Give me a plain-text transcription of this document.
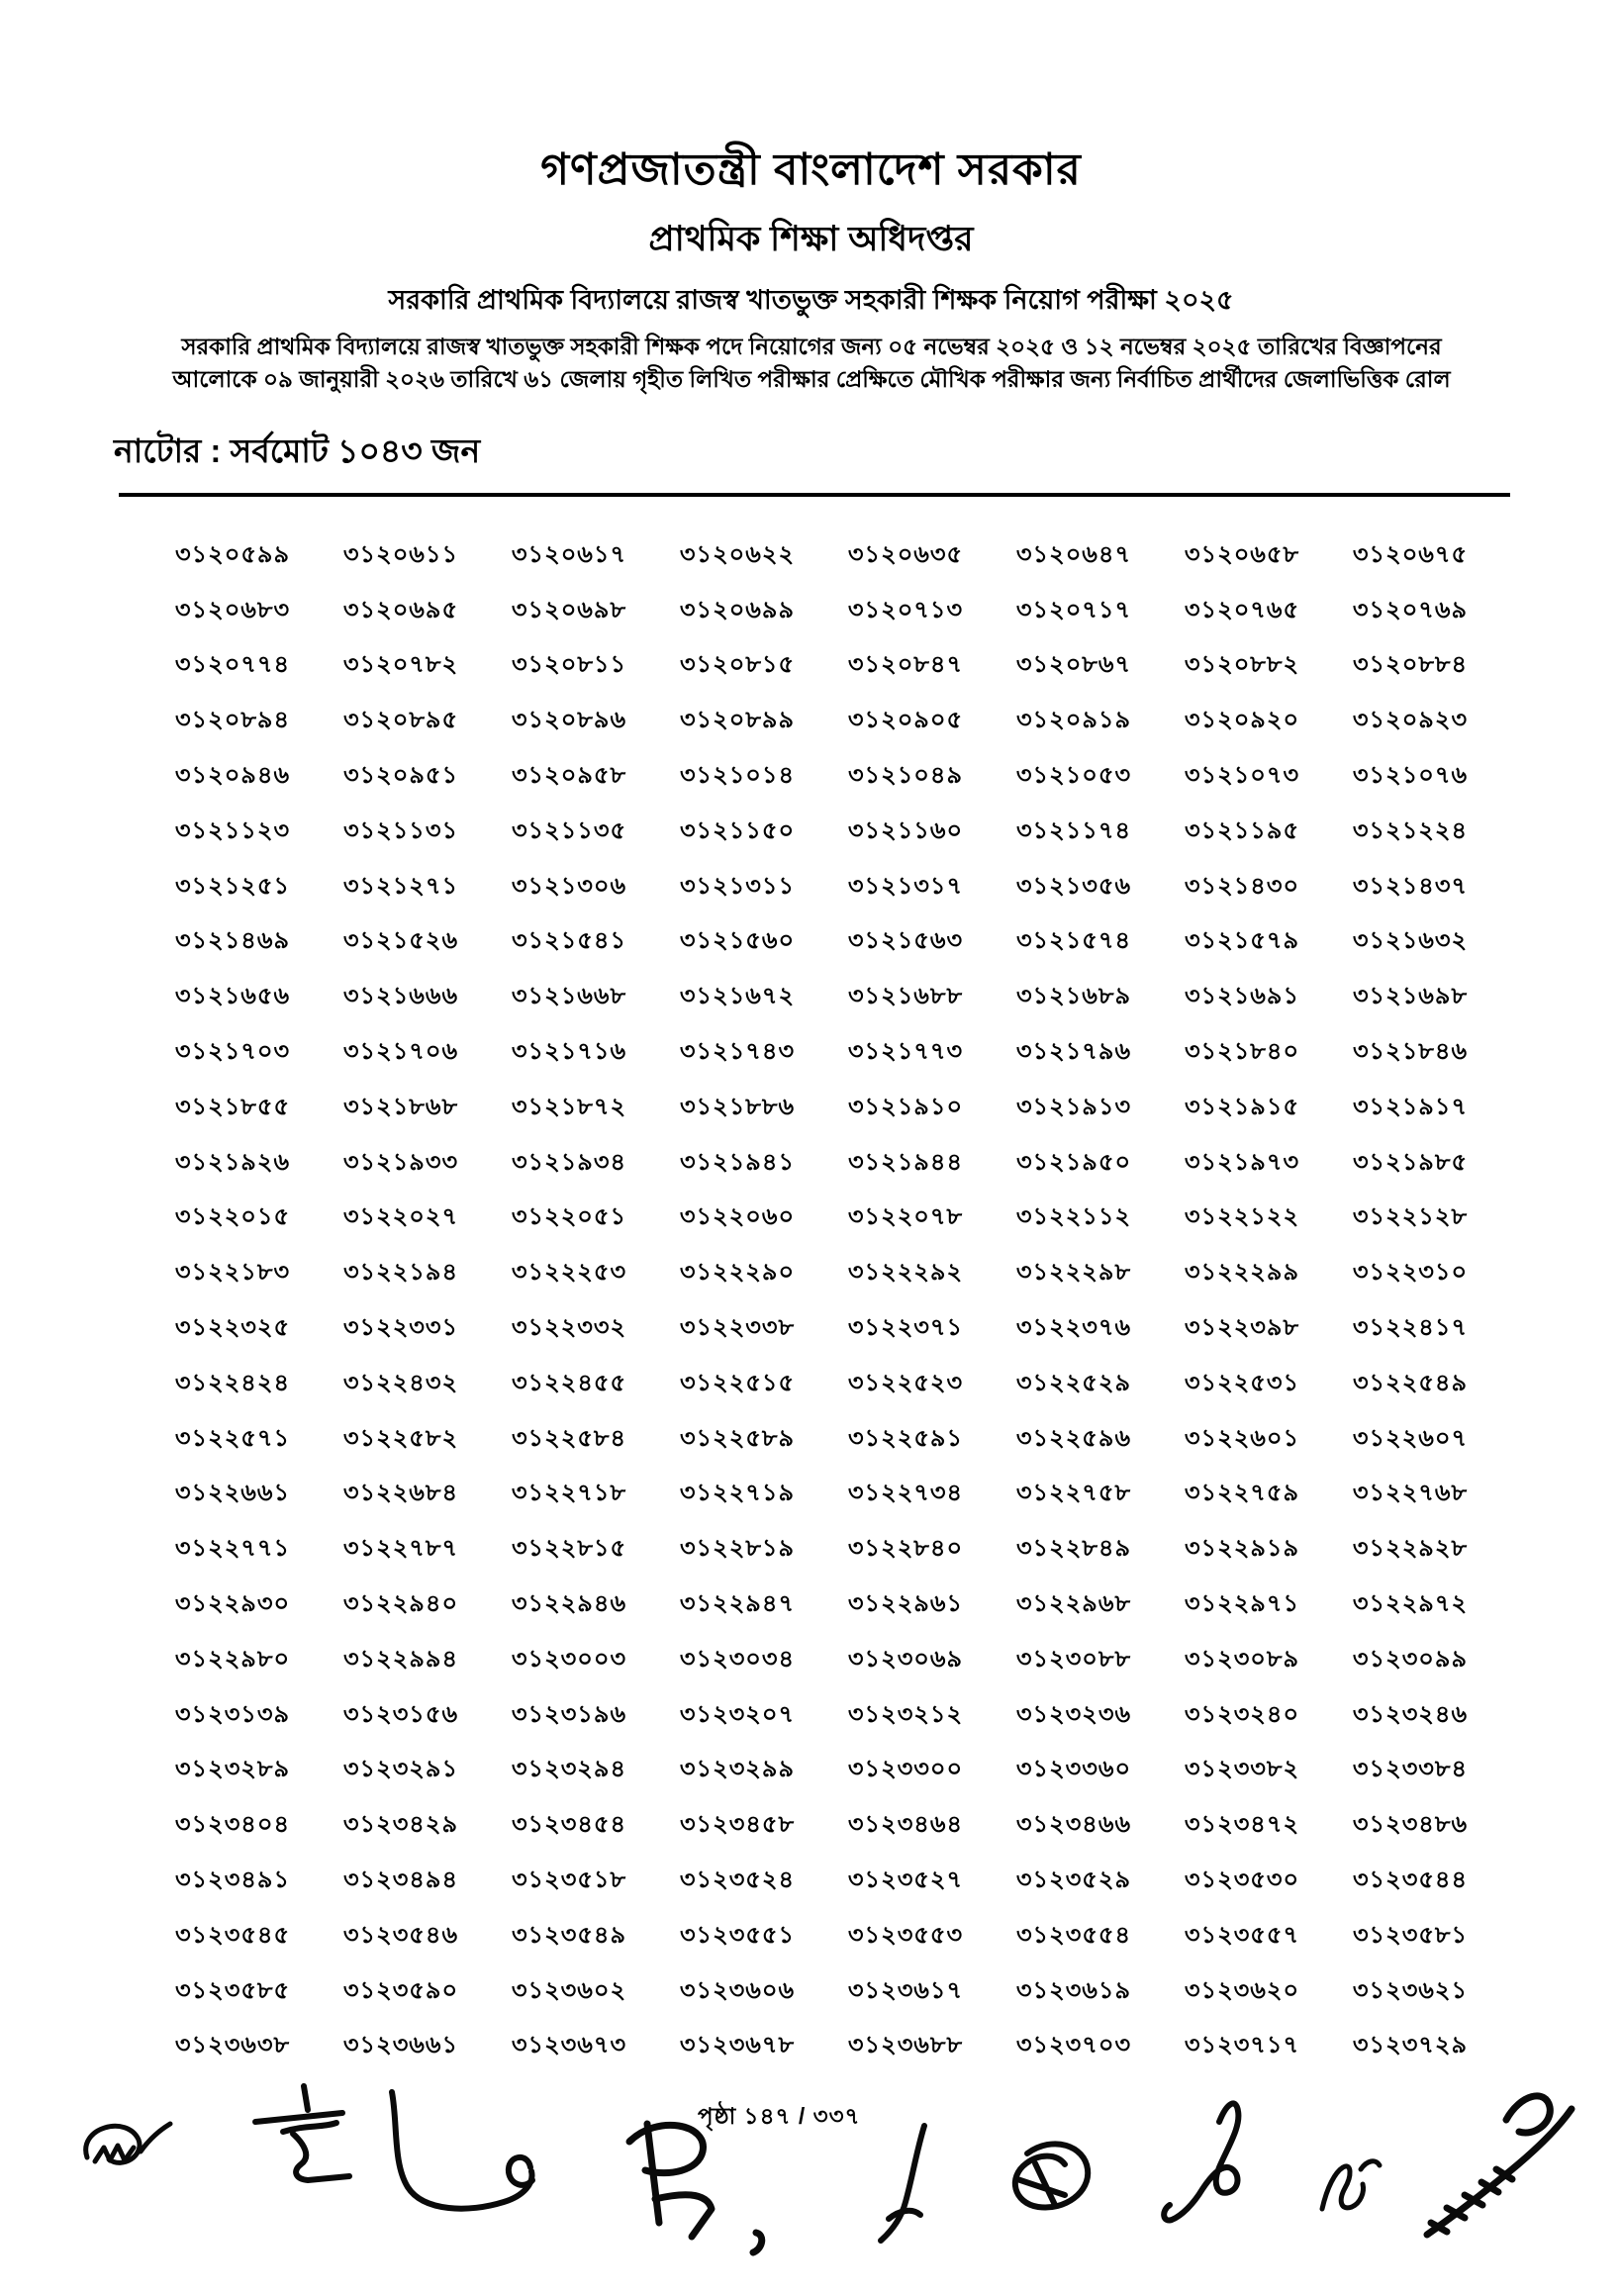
গণপ্রজাতন্ত্রী বাংলাদেশ সরকার
প্রাথমিক শিক্ষা অধিদপ্তর
সরকারি প্রাথমিক বিদ্যালয়ে রাজস্ব খাতভুক্ত সহকারী শিক্ষক নিয়োগ পরীক্ষা ২০২৫
সরকারি প্রাথমিক বিদ্যালয়ে রাজস্ব খাতভুক্ত সহকারী শিক্ষক পদে নিয়োগের জন্য ০৫ নভেম্বর ২০২৫ ও ১২ নভেম্বর ২০২৫ তারিখের বিজ্ঞাপনের
আলোকে ০৯ জানুয়ারী ২০২৬ তারিখে ৬১ জেলায় গৃহীত লিখিত পরীক্ষার প্রেক্ষিতে মৌখিক পরীক্ষার জন্য নির্বাচিত প্রার্থীদের জেলাভিত্তিক রোল
নাটোর : সর্বমোট ১০৪৩ জন
৩১২০৫৯৯ ৩১২০৬১১ ৩১২০৬১৭ ৩১২০৬২২ ৩১২০৬৩৫ ৩১২০৬৪৭ ৩১২০৬৫৮ ৩১২০৬৭৫
৩১২০৬৮৩ ৩১২০৬৯৫ ৩১২০৬৯৮ ৩১২০৬৯৯ ৩১২০৭১৩ ৩১২০৭১৭ ৩১২০৭৬৫ ৩১২০৭৬৯
৩১২০৭৭৪ ৩১২০৭৮২ ৩১২০৮১১ ৩১২০৮১৫ ৩১২০৮৪৭ ৩১২০৮৬৭ ৩১২০৮৮২ ৩১২০৮৮৪
৩১২০৮৯৪ ৩১২০৮৯৫ ৩১২০৮৯৬ ৩১২০৮৯৯ ৩১২০৯০৫ ৩১২০৯১৯ ৩১২০৯২০ ৩১২০৯২৩
৩১২০৯৪৬ ৩১২০৯৫১ ৩১২০৯৫৮ ৩১২১০১৪ ৩১২১০৪৯ ৩১২১০৫৩ ৩১২১০৭৩ ৩১২১০৭৬
৩১২১১২৩ ৩১২১১৩১ ৩১২১১৩৫ ৩১২১১৫০ ৩১২১১৬০ ৩১২১১৭৪ ৩১২১১৯৫ ৩১২১২২৪
৩১২১২৫১ ৩১২১২৭১ ৩১২১৩০৬ ৩১২১৩১১ ৩১২১৩১৭ ৩১২১৩৫৬ ৩১২১৪৩০ ৩১২১৪৩৭
৩১২১৪৬৯ ৩১২১৫২৬ ৩১২১৫৪১ ৩১২১৫৬০ ৩১২১৫৬৩ ৩১২১৫৭৪ ৩১২১৫৭৯ ৩১২১৬৩২
৩১২১৬৫৬ ৩১২১৬৬৬ ৩১২১৬৬৮ ৩১২১৬৭২ ৩১২১৬৮৮ ৩১২১৬৮৯ ৩১২১৬৯১ ৩১২১৬৯৮
৩১২১৭০৩ ৩১২১৭০৬ ৩১২১৭১৬ ৩১২১৭৪৩ ৩১২১৭৭৩ ৩১২১৭৯৬ ৩১২১৮৪০ ৩১২১৮৪৬
৩১২১৮৫৫ ৩১২১৮৬৮ ৩১২১৮৭২ ৩১২১৮৮৬ ৩১২১৯১০ ৩১২১৯১৩ ৩১২১৯১৫ ৩১২১৯১৭
৩১২১৯২৬ ৩১২১৯৩৩ ৩১২১৯৩৪ ৩১২১৯৪১ ৩১২১৯৪৪ ৩১২১৯৫০ ৩১২১৯৭৩ ৩১২১৯৮৫
৩১২২০১৫ ৩১২২০২৭ ৩১২২০৫১ ৩১২২০৬০ ৩১২২০৭৮ ৩১২২১১২ ৩১২২১২২ ৩১২২১২৮
৩১২২১৮৩ ৩১২২১৯৪ ৩১২২২৫৩ ৩১২২২৯০ ৩১২২২৯২ ৩১২২২৯৮ ৩১২২২৯৯ ৩১২২৩১০
৩১২২৩২৫ ৩১২২৩৩১ ৩১২২৩৩২ ৩১২২৩৩৮ ৩১২২৩৭১ ৩১২২৩৭৬ ৩১২২৩৯৮ ৩১২২৪১৭
৩১২২৪২৪ ৩১২২৪৩২ ৩১২২৪৫৫ ৩১২২৫১৫ ৩১২২৫২৩ ৩১২২৫২৯ ৩১২২৫৩১ ৩১২২৫৪৯
৩১২২৫৭১ ৩১২২৫৮২ ৩১২২৫৮৪ ৩১২২৫৮৯ ৩১২২৫৯১ ৩১২২৫৯৬ ৩১২২৬০১ ৩১২২৬০৭
৩১২২৬৬১ ৩১২২৬৮৪ ৩১২২৭১৮ ৩১২২৭১৯ ৩১২২৭৩৪ ৩১২২৭৫৮ ৩১২২৭৫৯ ৩১২২৭৬৮
৩১২২৭৭১ ৩১২২৭৮৭ ৩১২২৮১৫ ৩১২২৮১৯ ৩১২২৮৪০ ৩১২২৮৪৯ ৩১২২৯১৯ ৩১২২৯২৮
৩১২২৯৩০ ৩১২২৯৪০ ৩১২২৯৪৬ ৩১২২৯৪৭ ৩১২২৯৬১ ৩১২২৯৬৮ ৩১২২৯৭১ ৩১২২৯৭২
৩১২২৯৮০ ৩১২২৯৯৪ ৩১২৩০০৩ ৩১২৩০৩৪ ৩১২৩০৬৯ ৩১২৩০৮৮ ৩১২৩০৮৯ ৩১২৩০৯৯
৩১২৩১৩৯ ৩১২৩১৫৬ ৩১২৩১৯৬ ৩১২৩২০৭ ৩১২৩২১২ ৩১২৩২৩৬ ৩১২৩২৪০ ৩১২৩২৪৬
৩১২৩২৮৯ ৩১২৩২৯১ ৩১২৩২৯৪ ৩১২৩২৯৯ ৩১২৩৩০০ ৩১২৩৩৬০ ৩১২৩৩৮২ ৩১২৩৩৮৪
৩১২৩৪০৪ ৩১২৩৪২৯ ৩১২৩৪৫৪ ৩১২৩৪৫৮ ৩১২৩৪৬৪ ৩১২৩৪৬৬ ৩১২৩৪৭২ ৩১২৩৪৮৬
৩১২৩৪৯১ ৩১২৩৪৯৪ ৩১২৩৫১৮ ৩১২৩৫২৪ ৩১২৩৫২৭ ৩১২৩৫২৯ ৩১২৩৫৩০ ৩১২৩৫৪৪
৩১২৩৫৪৫ ৩১২৩৫৪৬ ৩১২৩৫৪৯ ৩১২৩৫৫১ ৩১২৩৫৫৩ ৩১২৩৫৫৪ ৩১২৩৫৫৭ ৩১২৩৫৮১
৩১২৩৫৮৫ ৩১২৩৫৯০ ৩১২৩৬০২ ৩১২৩৬০৬ ৩১২৩৬১৭ ৩১২৩৬১৯ ৩১২৩৬২০ ৩১২৩৬২১
৩১২৩৬৩৮ ৩১২৩৬৬১ ৩১২৩৬৭৩ ৩১২৩৬৭৮ ৩১২৩৬৮৮ ৩১২৩৭০৩ ৩১২৩৭১৭ ৩১২৩৭২৯
পৃষ্ঠা ১৪৭ / ৩৩৭
